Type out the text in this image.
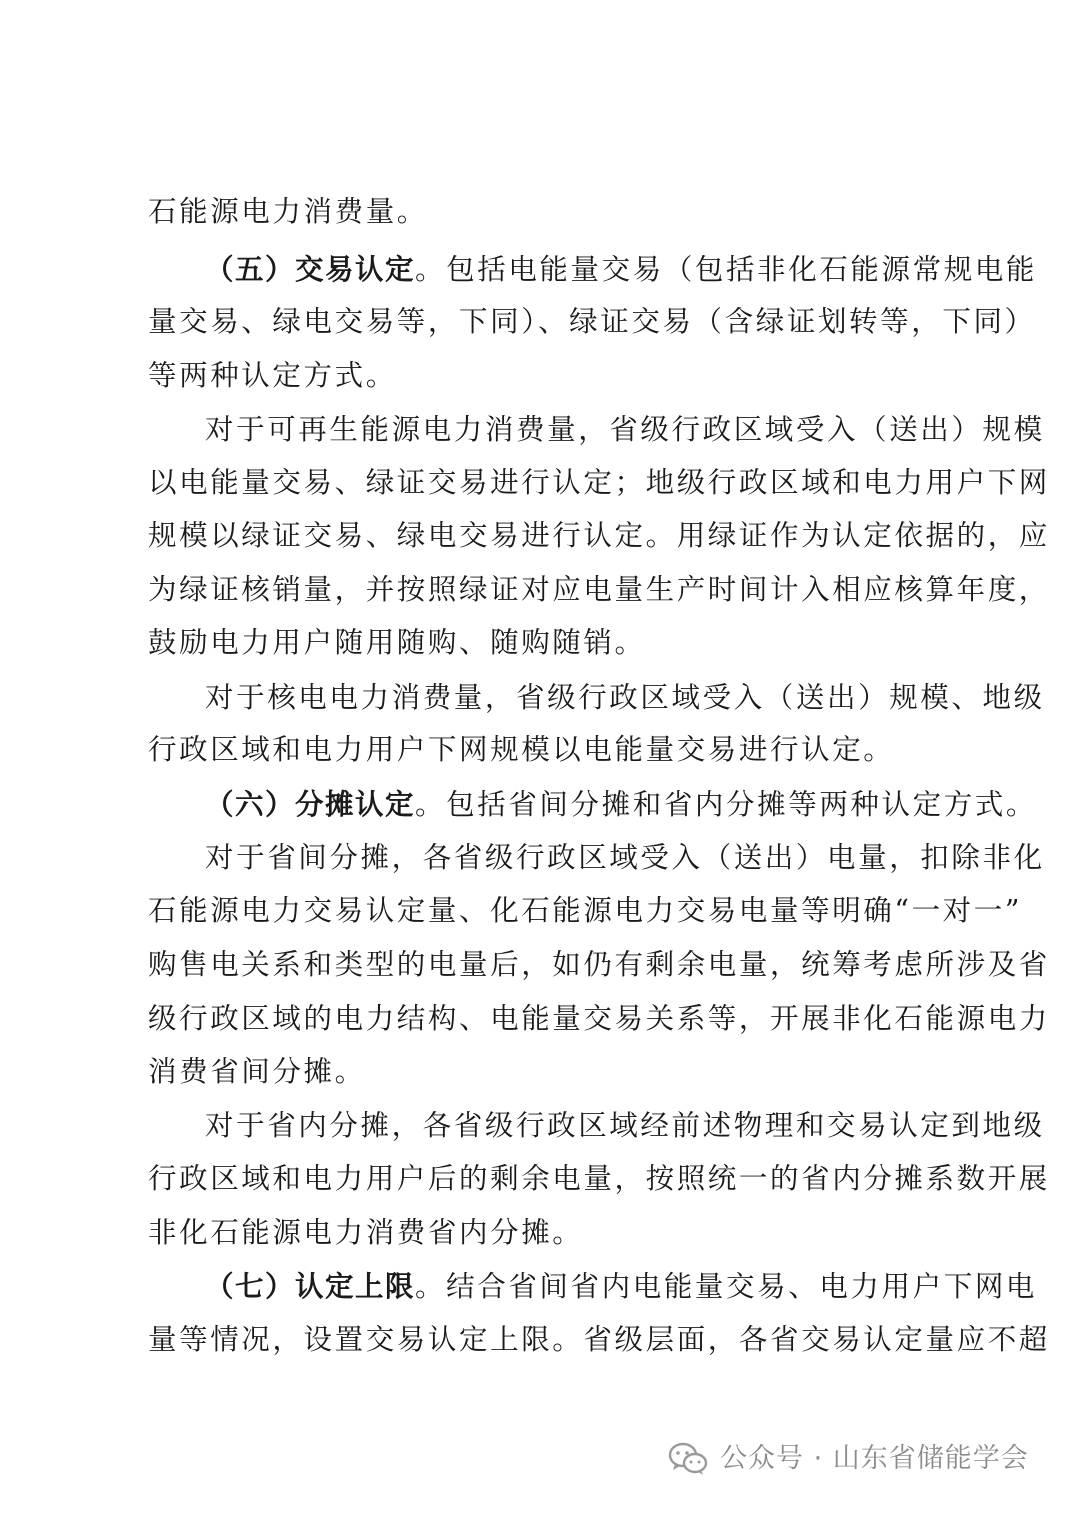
石能源电力消费量。
（五）交易认定。包括电能量交易（包括非化石能源常规电能
量交易、绿电交易等，下同）、绿证交易（含绿证划转等，下同）
等两种认定方式。
对于可再生能源电力消费量，省级行政区域受入（送出）规模
以电能量交易、绿证交易进行认定；地级行政区域和电力用户下网
规模以绿证交易、绿电交易进行认定。用绿证作为认定依据的，应
为绿证核销量，并按照绿证对应电量生产时间计入相应核算年度，
鼓励电力用户随用随购、随购随销。
对于核电电力消费量，省级行政区域受入（送出）规模、地级
行政区域和电力用户下网规模以电能量交易进行认定。
（六）分摊认定。包括省间分摊和省内分摊等两种认定方式。
对于省间分摊，各省级行政区域受入（送出）电量，扣除非化
石能源电力交易认定量、化石能源电力交易电量等明确“一对一”
购售电关系和类型的电量后，如仍有剩余电量，统筹考虑所涉及省
级行政区域的电力结构、电能量交易关系等，开展非化石能源电力
消费省间分摊。
对于省内分摊，各省级行政区域经前述物理和交易认定到地级
行政区域和电力用户后的剩余电量，按照统一的省内分摊系数开展
非化石能源电力消费省内分摊。
（七）认定上限。结合省间省内电能量交易、电力用户下网电
量等情况，设置交易认定上限。省级层面，各省交易认定量应不超
公众号 · 山东省储能学会
